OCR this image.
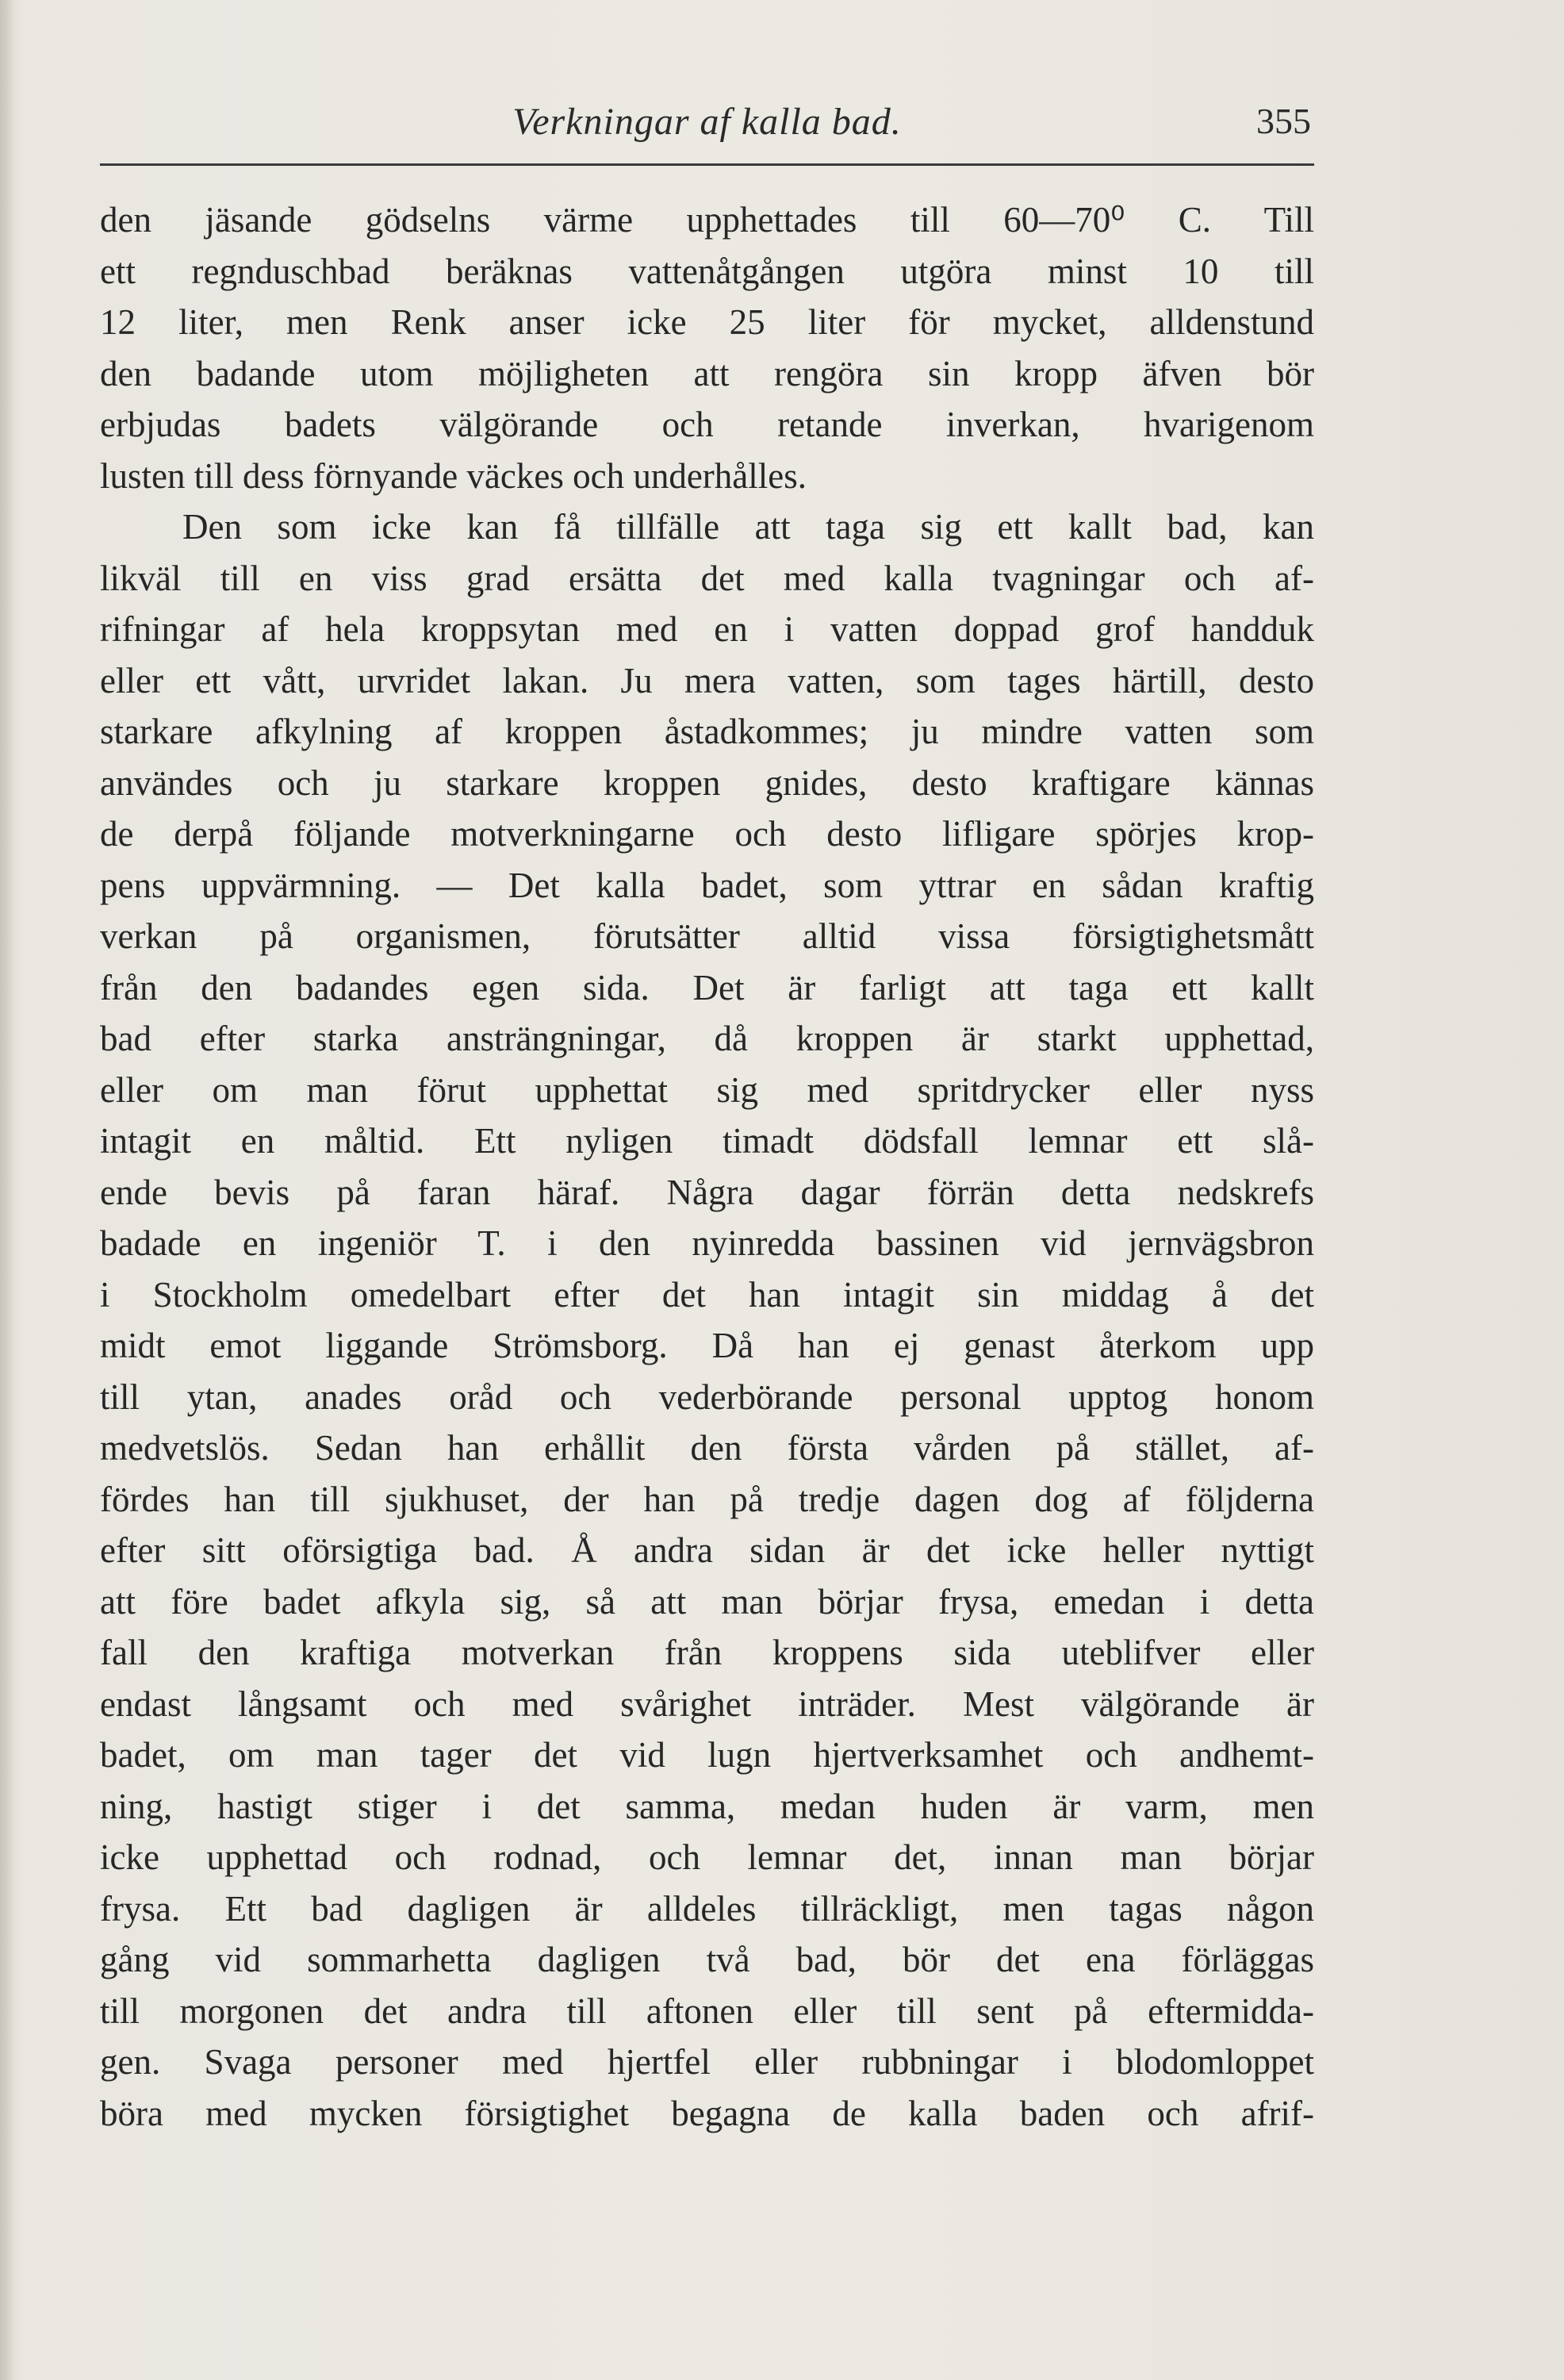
Verkningar af kalla bad.	355
den jäsande gödselns värme upphettades till 60—70⁰ C. Till
ett regnduschbad beräknas vattenåtgången utgöra minst 10 till
12 liter, men Renk anser icke 25 liter för mycket, alldenstund
den badande utom möjligheten att rengöra sin kropp äfven bör
erbjudas badets välgörande och retande inverkan, hvarigenom
lusten till dess förnyande väckes och underhålles.
Den som icke kan få tillfälle att taga sig ett kallt bad, kan
likväl till en viss grad ersätta det med kalla tvagningar och af-
rifningar af hela kroppsytan med en i vatten doppad grof handduk
eller ett vått, urvridet lakan. Ju mera vatten, som tages härtill, desto
starkare afkylning af kroppen åstadkommes; ju mindre vatten som
användes och ju starkare kroppen gnides, desto kraftigare kännas
de derpå följande motverkningarne och desto lifligare spörjes krop-
pens uppvärmning. — Det kalla badet, som yttrar en sådan kraftig
verkan på organismen, förutsätter alltid vissa försigtighetsmått
från den badandes egen sida. Det är farligt att taga ett kallt
bad efter starka ansträngningar, då kroppen är starkt upphettad,
eller om man förut upphettat sig med spritdrycker eller nyss
intagit en måltid. Ett nyligen timadt dödsfall lemnar ett slå-
ende bevis på faran häraf. Några dagar förrän detta nedskrefs
badade en ingeniör T. i den nyinredda bassinen vid jernvägsbron
i Stockholm omedelbart efter det han intagit sin middag å det
midt emot liggande Strömsborg. Då han ej genast återkom upp
till ytan, anades oråd och vederbörande personal upptog honom
medvetslös. Sedan han erhållit den första vården på stället, af-
fördes han till sjukhuset, der han på tredje dagen dog af följderna
efter sitt oförsigtiga bad. Å andra sidan är det icke heller nyttigt
att före badet afkyla sig, så att man börjar frysa, emedan i detta
fall den kraftiga motverkan från kroppens sida uteblifver eller
endast långsamt och med svårighet inträder. Mest välgörande är
badet, om man tager det vid lugn hjertverksamhet och andhemt-
ning, hastigt stiger i det samma, medan huden är varm, men
icke upphettad och rodnad, och lemnar det, innan man börjar
frysa. Ett bad dagligen är alldeles tillräckligt, men tagas någon
gång vid sommarhetta dagligen två bad, bör det ena förläggas
till morgonen det andra till aftonen eller till sent på eftermidda-
gen. Svaga personer med hjertfel eller rubbningar i blodomloppet
böra med mycken försigtighet begagna de kalla baden och afrif-
